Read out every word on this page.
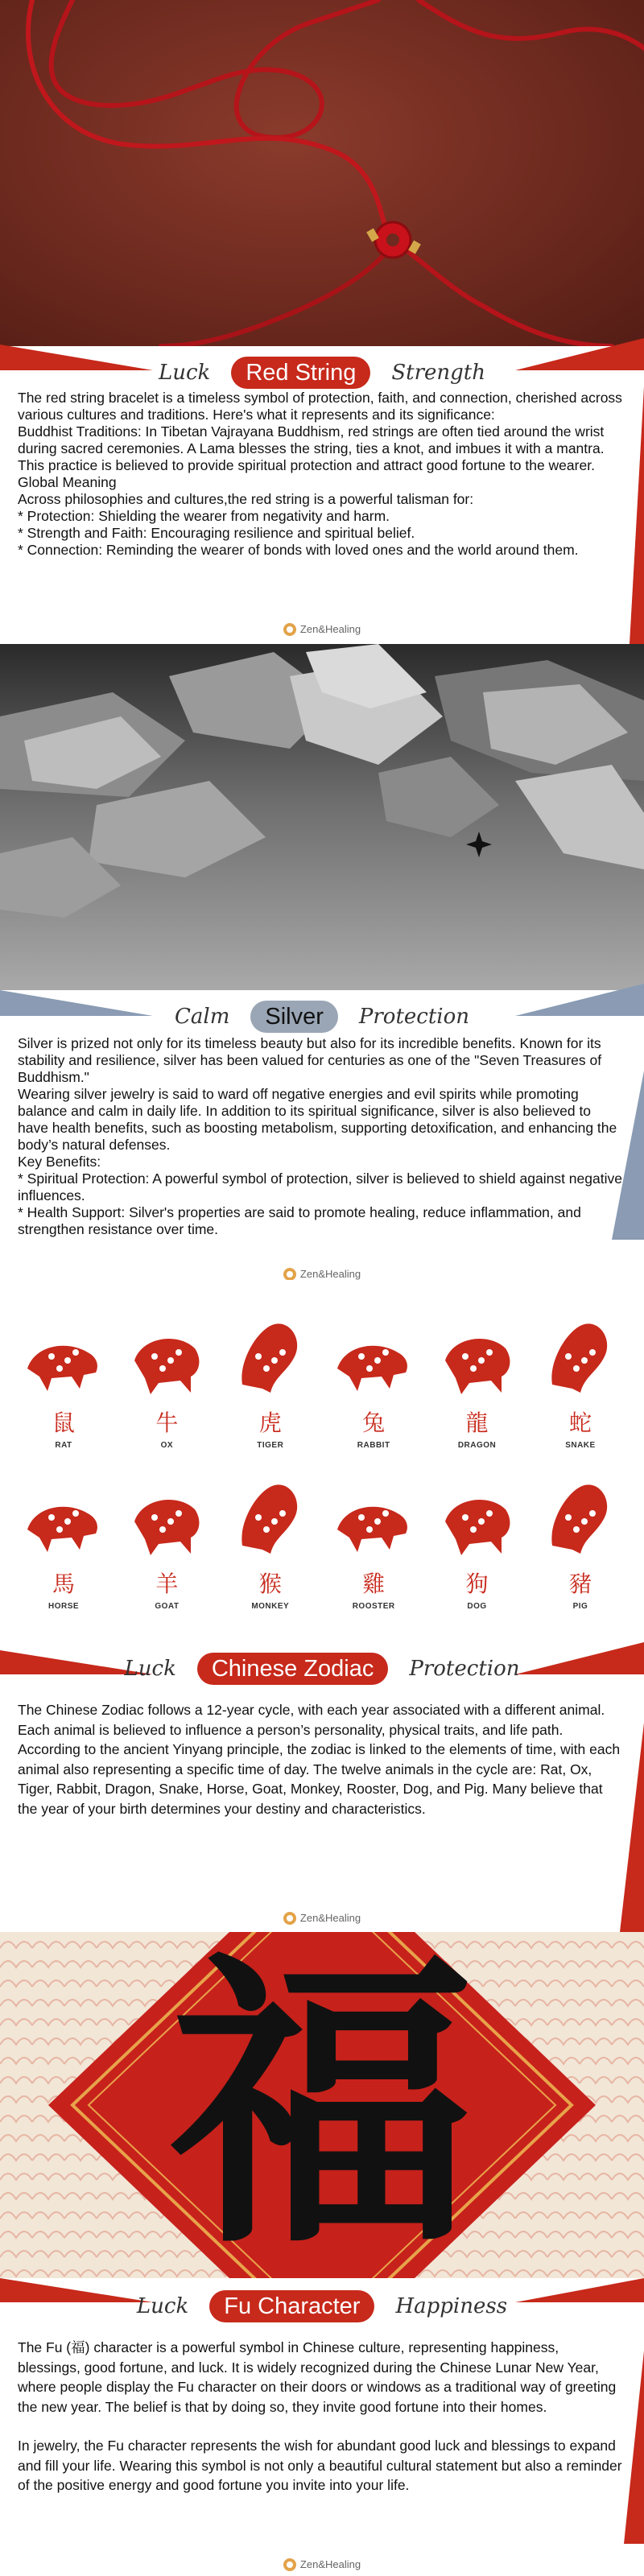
Luck	Red String	Strength

The red string bracelet is a timeless symbol of protection, faith, and connection, cherished across various cultures and traditions. Here's what it represents and its significance:

Buddhist Traditions: In Tibetan Vajrayana Buddhism, red strings are often tied around the wrist during sacred ceremonies. A Lama blesses the string, ties a knot, and imbues it with a mantra. This practice is believed to provide spiritual protection and attract good fortune to the wearer.

Global Meaning

Across philosophies and cultures,the red string is a powerful talisman for:

* Protection: Shielding the wearer from negativity and harm.

* Strength and Faith: Encouraging resilience and spiritual belief.

* Connection: Reminding the wearer of bonds with loved ones and the world around them.

Zen&Healing
Calm	Silver	Protection

Silver is prized not only for its timeless beauty but also for its incredible benefits. Known for its stability and resilience, silver has been valued for centuries as one of the "Seven Treasures of Buddhism."

Wearing silver jewelry is said to ward off negative energies and evil spirits while promoting balance and calm in daily life. In addition to its spiritual significance, silver is also believed to have health benefits, such as boosting metabolism, supporting detoxification, and enhancing the body’s natural defenses.

Key Benefits:

* Spiritual Protection: A powerful symbol of protection, silver is believed to shield against negative influences.

* Health Support: Silver's properties are said to promote healing, reduce inflammation, and strengthen resistance over time.

Zen&Healing
鼠
RAT
牛
OX
虎
TIGER
兔
RABBIT
龍
DRAGON
蛇
SNAKE
馬
HORSE
羊
GOAT
猴
MONKEY
雞
ROOSTER
狗
DOG
豬
PIG
Luck	Chinese Zodiac	Protection

The Chinese Zodiac follows a 12-year cycle, with each year associated with a different animal. Each animal is believed to influence a person’s personality, physical traits, and life path. According to the ancient Yinyang principle, the zodiac is linked to the elements of time, with each animal also representing a specific time of day. The twelve animals in the cycle are: Rat, Ox, Tiger, Rabbit, Dragon, Snake, Horse, Goat, Monkey, Rooster, Dog, and Pig. Many believe that the year of your birth determines your destiny and characteristics.

Zen&Healing
福
Luck	Fu Character	Happiness

The Fu (福) character is a powerful symbol in Chinese culture, representing happiness, blessings, good fortune, and luck. It is widely recognized during the Chinese Lunar New Year, where people display the Fu character on their doors or windows as a traditional way of greeting the new year. The belief is that by doing so, they invite good fortune into their homes.

In jewelry, the Fu character represents the wish for abundant good luck and blessings to expand and fill your life. Wearing this symbol is not only a beautiful cultural statement but also a reminder of the positive energy and good fortune you invite into your life.

Zen&Healing
